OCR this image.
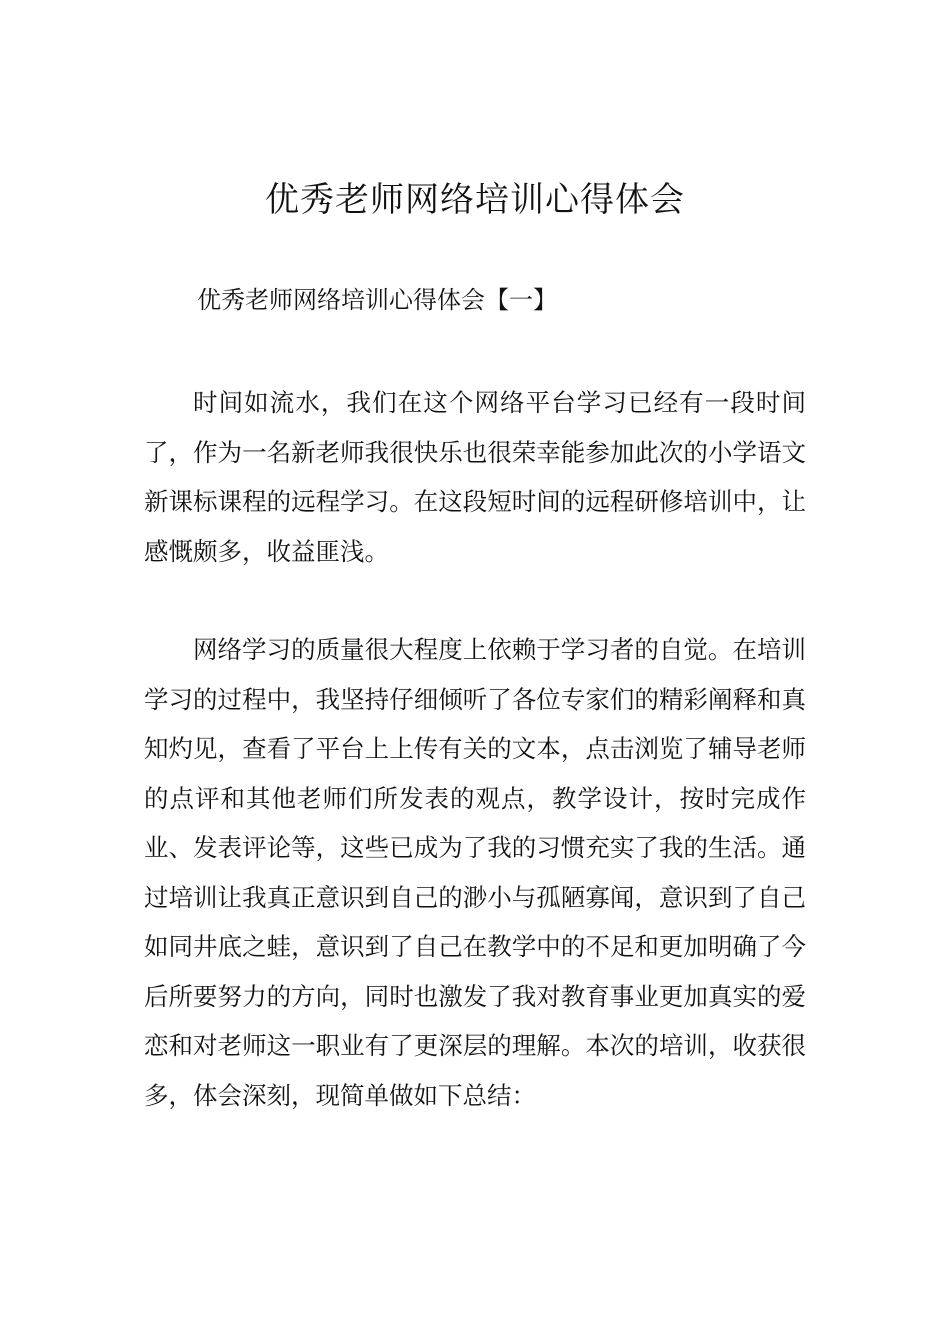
优秀老师网络培训心得体会

优秀老师网络培训心得体会【一】

时间如流水，我们在这个网络平台学习已经有一段时间了，作为一名新老师我很快乐也很荣幸能参加此次的小学语文新课标课程的远程学习。在这段短时间的远程研修培训中，让感慨颇多，收益匪浅。

网络学习的质量很大程度上依赖于学习者的自觉。在培训学习的过程中，我坚持仔细倾听了各位专家们的精彩阐释和真知灼见，查看了平台上上传有关的文本，点击浏览了辅导老师的点评和其他老师们所发表的观点，教学设计，按时完成作业、发表评论等，这些已成为了我的习惯充实了我的生活。通过培训让我真正意识到自己的渺小与孤陋寡闻，意识到了自己如同井底之蛙，意识到了自己在教学中的不足和更加明确了今后所要努力的方向，同时也激发了我对教育事业更加真实的爱恋和对老师这一职业有了更深层的理解。本次的培训，收获很多，体会深刻，现简单做如下总结：
